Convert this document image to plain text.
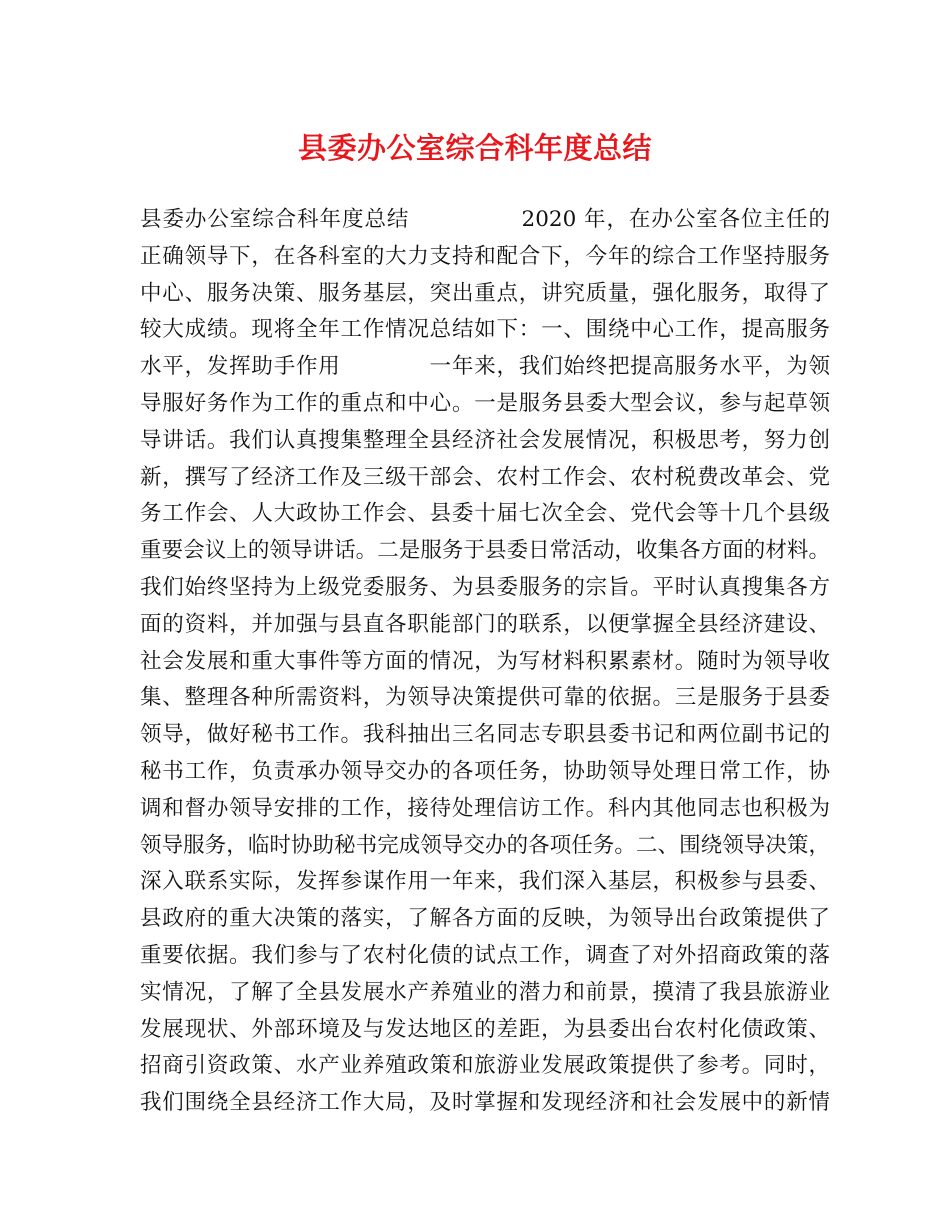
县委办公室综合科年度总结
县委办公室综合科年度总结　　　　　2020 年，在办公室各位主任的
正确领导下，在各科室的大力支持和配合下，今年的综合工作坚持服务
中心、服务决策、服务基层，突出重点，讲究质量，强化服务，取得了
较大成绩。现将全年工作情况总结如下：一、围绕中心工作，提高服务
水平，发挥助手作用　　　　一年来，我们始终把提高服务水平，为领
导服好务作为工作的重点和中心。一是服务县委大型会议，参与起草领
导讲话。我们认真搜集整理全县经济社会发展情况，积极思考，努力创
新，撰写了经济工作及三级干部会、农村工作会、农村税费改革会、党
务工作会、人大政协工作会、县委十届七次全会、党代会等十几个县级
重要会议上的领导讲话。二是服务于县委日常活动，收集各方面的材料。
我们始终坚持为上级党委服务、为县委服务的宗旨。平时认真搜集各方
面的资料，并加强与县直各职能部门的联系，以便掌握全县经济建设、
社会发展和重大事件等方面的情况，为写材料积累素材。随时为领导收
集、整理各种所需资料，为领导决策提供可靠的依据。三是服务于县委
领导，做好秘书工作。我科抽出三名同志专职县委书记和两位副书记的
秘书工作，负责承办领导交办的各项任务，协助领导处理日常工作，协
调和督办领导安排的工作，接待处理信访工作。科内其他同志也积极为
领导服务，临时协助秘书完成领导交办的各项任务。二、围绕领导决策，
深入联系实际，发挥参谋作用一年来，我们深入基层，积极参与县委、
县政府的重大决策的落实，了解各方面的反映，为领导出台政策提供了
重要依据。我们参与了农村化债的试点工作，调查了对外招商政策的落
实情况，了解了全县发展水产养殖业的潜力和前景，摸清了我县旅游业
发展现状、外部环境及与发达地区的差距，为县委出台农村化债政策、
招商引资政策、水产业养殖政策和旅游业发展政策提供了参考。同时，
我们围绕全县经济工作大局，及时掌握和发现经济和社会发展中的新情
